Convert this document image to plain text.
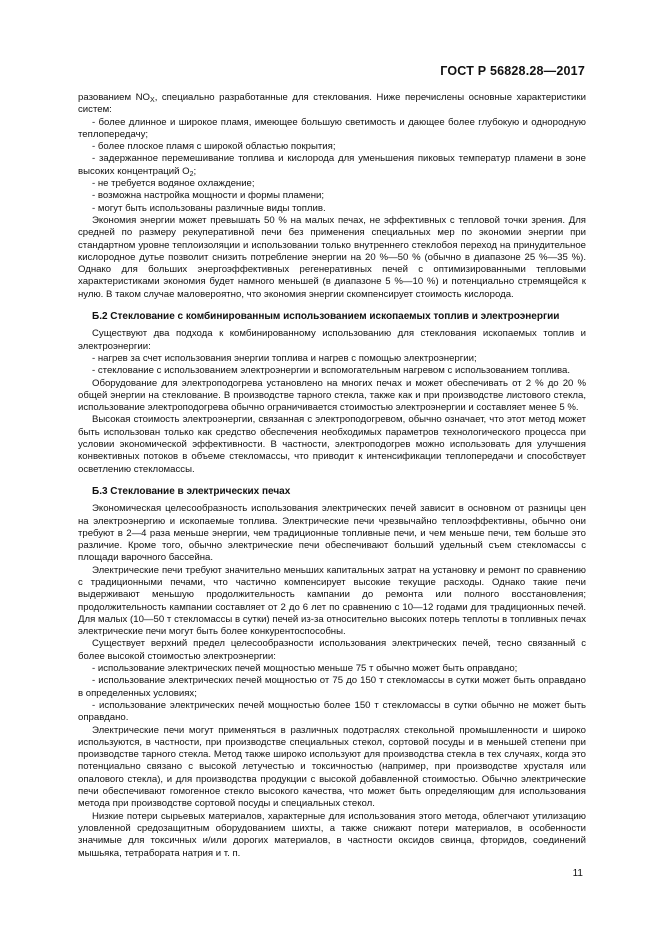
ГОСТ Р 56828.28—2017

разованием $NO_X$, специально разработанные для стеклования. Ниже перечислены основные характеристики систем:

- более длинное и широкое пламя, имеющее большую светимость и дающее более глубокую и однородную теплопередачу;

- более плоское пламя с широкой областью покрытия;

- задержанное перемешивание топлива и кислорода для уменьшения пиковых температур пламени в зоне высоких концентраций $O_2$;

- не требуется водяное охлаждение;

- возможна настройка мощности и формы пламени;

- могут быть использованы различные виды топлив.

Экономия энергии может превышать 50 % на малых печах, не эффективных с тепловой точки зрения. Для средней по размеру рекуперативной печи без применения специальных мер по экономии энергии при стандартном уровне теплоизоляции и использовании только внутреннего стеклобоя переход на принудительное кислородное дутье позволит снизить потребление энергии на 20 %—50 % (обычно в диапазоне 25 %—35 %). Однако для больших энергоэффективных регенеративных печей с оптимизированными тепловыми характеристиками экономия будет намного меньшей (в диапазоне 5 %—10 %) и потенциально стремящейся к нулю. В таком случае маловероятно, что экономия энергии скомпенсирует стоимость кислорода.

Б.2 Стеклование с комбинированным использованием ископаемых топлив и электроэнергии

Существуют два подхода к комбинированному использованию для стеклования ископаемых топлив и электроэнергии:

- нагрев за счет использования энергии топлива и нагрев с помощью электроэнергии;

- стеклование с использованием электроэнергии и вспомогательным нагревом с использованием топлива.

Оборудование для электроподогрева установлено на многих печах и может обеспечивать от 2 % до 20 % общей энергии на стеклование. В производстве тарного стекла, также как и при производстве листового стекла, использование электроподогрева обычно ограничивается стоимостью электроэнергии и составляет менее 5 %.

Высокая стоимость электроэнергии, связанная с электроподогревом, обычно означает, что этот метод может быть использован только как средство обеспечения необходимых параметров технологического процесса при условии экономической эффективности. В частности, электроподогрев можно использовать для улучшения конвективных потоков в объеме стекломассы, что приводит к интенсификации теплопередачи и способствует осветлению стекломассы.

Б.3 Стеклование в электрических печах

Экономическая целесообразность использования электрических печей зависит в основном от разницы цен на электроэнергию и ископаемые топлива. Электрические печи чрезвычайно теплоэффективны, обычно они требуют в 2—4 раза меньше энергии, чем традиционные топливные печи, и чем меньше печи, тем больше это различие. Кроме того, обычно электрические печи обеспечивают больший удельный съем стекломассы с площади варочного бассейна.

Электрические печи требуют значительно меньших капитальных затрат на установку и ремонт по сравнению с традиционными печами, что частично компенсирует высокие текущие расходы. Однако такие печи выдерживают меньшую продолжительность кампании до ремонта или полного восстановления; продолжительность кампании составляет от 2 до 6 лет по сравнению с 10—12 годами для традиционных печей. Для малых (10—50 т стекломассы в сутки) печей из-за относительно высоких потерь теплоты в топливных печах электрические печи могут быть более конкурентоспособны.

Существует верхний предел целесообразности использования электрических печей, тесно связанный с более высокой стоимостью электроэнергии:

- использование электрических печей мощностью меньше 75 т обычно может быть оправдано;

- использование электрических печей мощностью от 75 до 150 т стекломассы в сутки может быть оправдано в определенных условиях;

- использование электрических печей мощностью более 150 т стекломассы в сутки обычно не может быть оправдано.

Электрические печи могут применяться в различных подотраслях стекольной промышленности и широко используются, в частности, при производстве специальных стекол, сортовой посуды и в меньшей степени при производстве тарного стекла. Метод также широко используют для производства стекла в тех случаях, когда это потенциально связано с высокой летучестью и токсичностью (например, при производстве хрусталя или опалового стекла), и для производства продукции с высокой добавленной стоимостью. Обычно электрические печи обеспечивают гомогенное стекло высокого качества, что может быть определяющим для использования метода при производстве сортовой посуды и специальных стекол.

Низкие потери сырьевых материалов, характерные для использования этого метода, облегчают утилизацию уловленной средозащитным оборудованием шихты, а также снижают потери материалов, в особенности значимые для токсичных и/или дорогих материалов, в частности оксидов свинца, фторидов, соединений мышьяка, тетрабората натрия и т. п.

11
